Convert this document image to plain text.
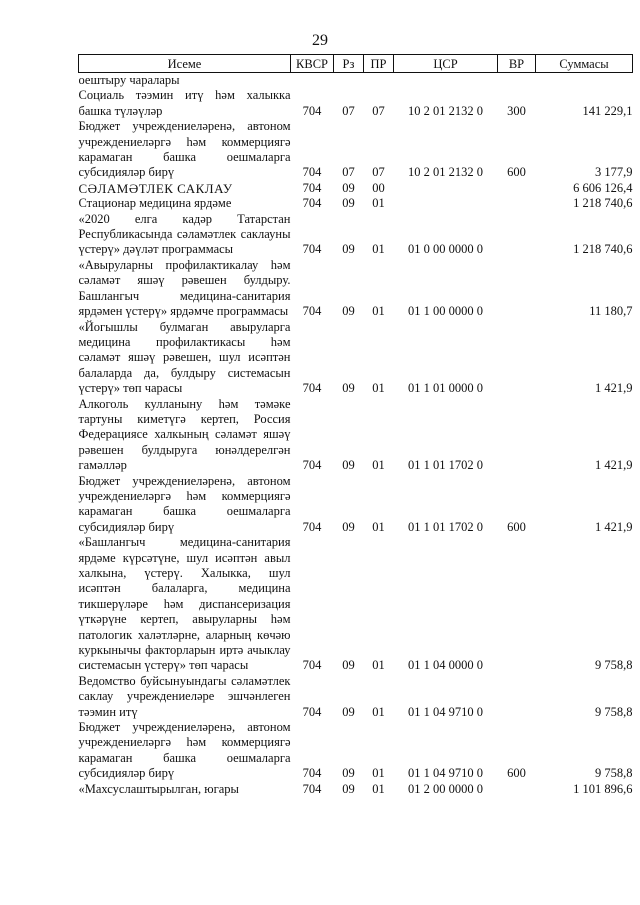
29
Исеме	КВСР	Рз	ПР	ЦСР	ВР	Суммасы
оештыру чаралары						
Социаль тәэмин итү һәм халыкка башка түләүләр	704	07	07	10 2 01 2132 0	300	141 229,1
Бюджет учреждениеләренә, автоном учреждениеләргә һәм коммерциягә карамаган башка оешмаларга субсидияләр бирү	704	07	07	10 2 01 2132 0	600	3 177,9
СӘЛАМӘТЛЕК САКЛАУ	704	09	00			6 606 126,4
Стационар медицина ярдәме	704	09	01			1 218 740,6
«2020 елга кадәр Татарстан Республикасында сәламәтлек саклауны үстерү» дәүләт программасы	704	09	01	01 0 00 0000 0		1 218 740,6
«Авыруларны профилактикалау һәм сәламәт яшәү рәвешен булдыру. Башлангыч медицина-санитария ярдәмен үстерү» ярдәмче программасы	704	09	01	01 1 00 0000 0		11 180,7
«Йогышлы булмаган авыруларга медицина профилактикасы һәм сәламәт яшәү рәвешен, шул исәптән балаларда да, булдыру системасын үстерү» төп чарасы	704	09	01	01 1 01 0000 0		1 421,9
Алкоголь кулланыну һәм тәмәке тартуны киметүгә кертеп, Россия Федерациясе халкының сәламәт яшәү рәвешен булдыруга юнәлдерелгән гамәлләр	704	09	01	01 1 01 1702 0		1 421,9
Бюджет учреждениеләренә, автоном учреждениеләргә һәм коммерциягә карамаган башка оешмаларга субсидияләр бирү	704	09	01	01 1 01 1702 0	600	1 421,9
«Башлангыч медицина-санитария ярдәме күрсәтүне, шул исәптән авыл халкына, үстерү. Халыкка, шул исәптән балаларга, медицина тикшерүләре һәм диспансеризация үткәрүне кертеп, авыруларны һәм патологик халәтләрне, аларның көчәю куркынычы факторларын иртә ачыклау системасын үстерү» төп чарасы	704	09	01	01 1 04 0000 0		9 758,8
Ведомство буйсынуындагы сәламәтлек саклау учреждениеләре эшчәнлеген тәэмин итү	704	09	01	01 1 04 9710 0		9 758,8
Бюджет учреждениеләренә, автоном учреждениеләргә һәм коммерциягә карамаган башка оешмаларга субсидияләр бирү	704	09	01	01 1 04 9710 0	600	9 758,8
«Махсуслаштырылган, югары	704	09	01	01 2 00 0000 0		1 101 896,6
